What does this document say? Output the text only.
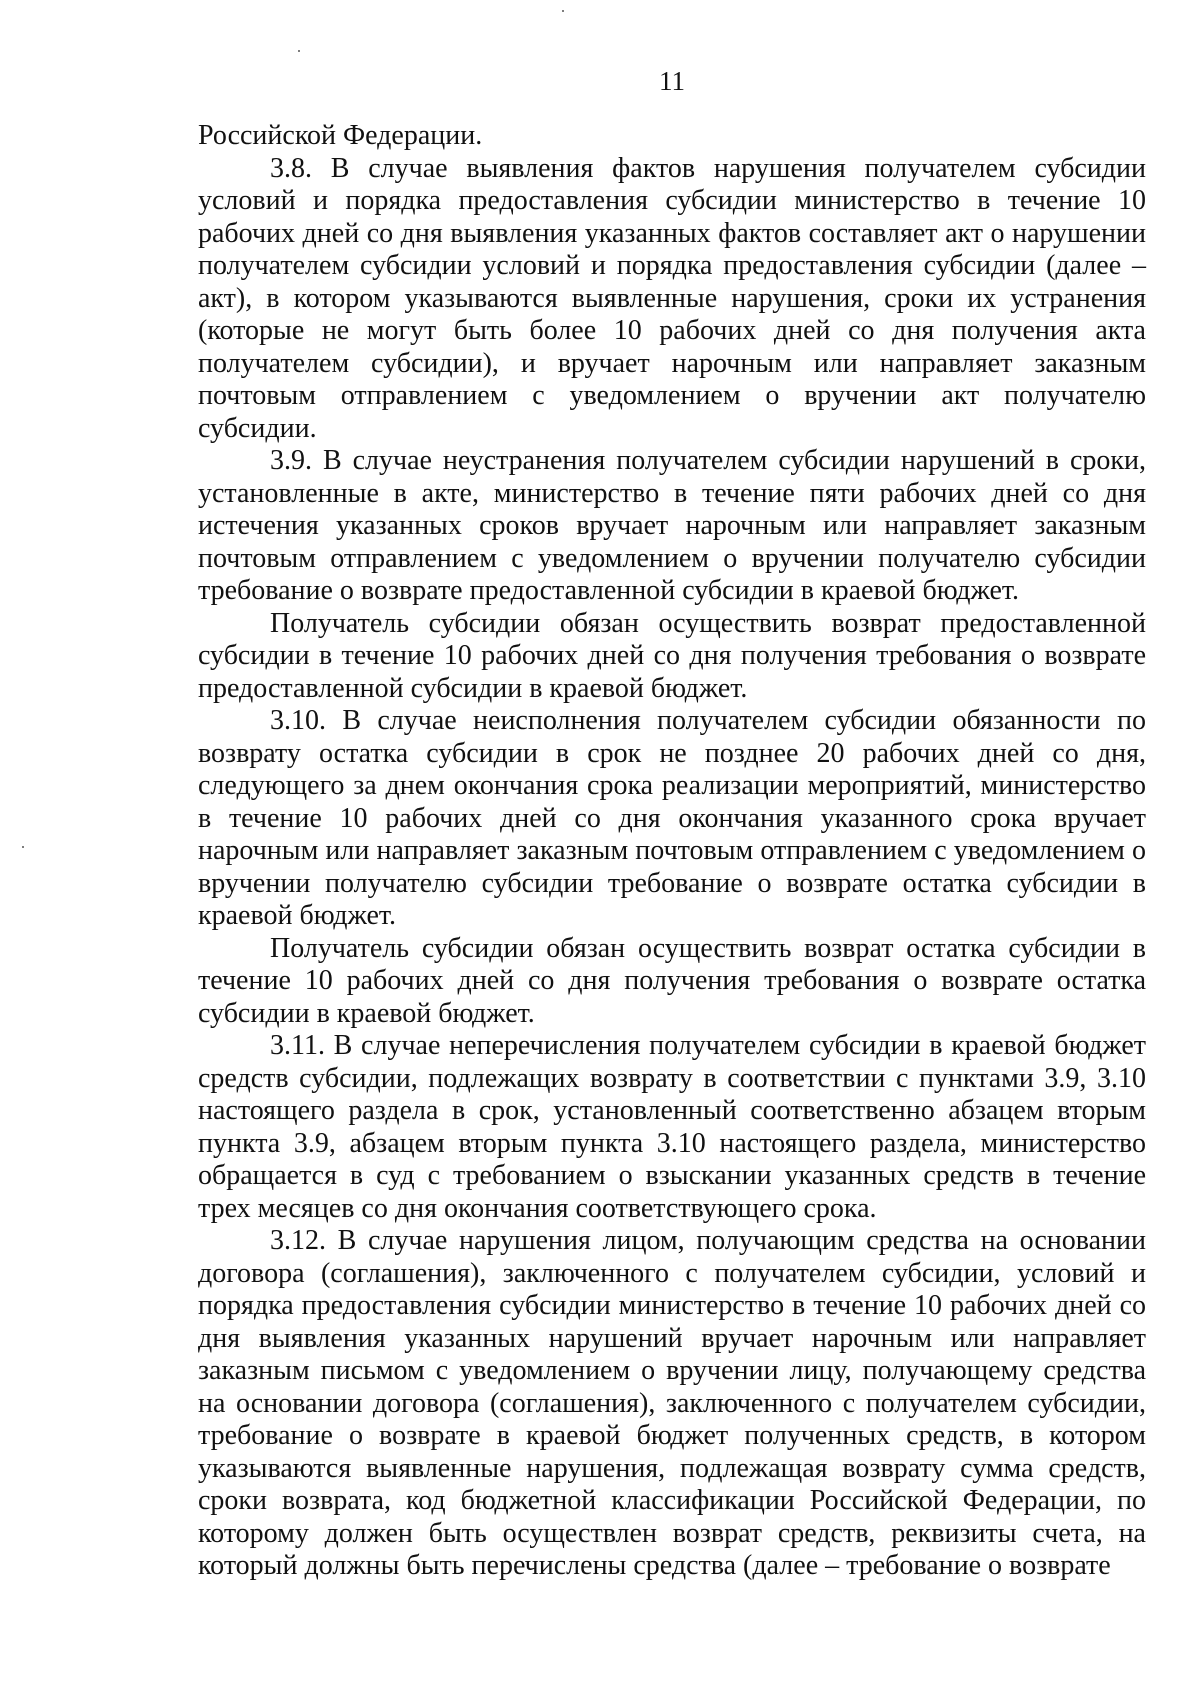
11

Российской Федерации.

3.8. В случае выявления фактов нарушения получателем субсидии условий и порядка предоставления субсидии министерство в течение 10 рабочих дней со дня выявления указанных фактов составляет акт о нарушении получателем субсидии условий и порядка предоставления субсидии (далее – акт), в котором указываются выявленные нарушения, сроки их устранения (которые не могут быть более 10 рабочих дней со дня получения акта получателем субсидии), и вручает нарочным или направляет заказным почтовым отправлением с уведомлением о вручении акт получателю субсидии.

3.9. В случае неустранения получателем субсидии нарушений в сроки, установленные в акте, министерство в течение пяти рабочих дней со дня истечения указанных сроков вручает нарочным или направляет заказным почтовым отправлением с уведомлением о вручении получателю субсидии требование о возврате предоставленной субсидии в краевой бюджет.

Получатель субсидии обязан осуществить возврат предоставленной субсидии в течение 10 рабочих дней со дня получения требования о возврате предоставленной субсидии в краевой бюджет.

3.10. В случае неисполнения получателем субсидии обязанности по возврату остатка субсидии в срок не позднее 20 рабочих дней со дня, следующего за днем окончания срока реализации мероприятий, министерство в течение 10 рабочих дней со дня окончания указанного срока вручает нарочным или направляет заказным почтовым отправлением с уведомлением о вручении получателю субсидии требование о возврате остатка субсидии в краевой бюджет.

Получатель субсидии обязан осуществить возврат остатка субсидии в течение 10 рабочих дней со дня получения требования о возврате остатка субсидии в краевой бюджет.

3.11. В случае неперечисления получателем субсидии в краевой бюджет средств субсидии, подлежащих возврату в соответствии с пунктами 3.9, 3.10 настоящего раздела в срок, установленный соответственно абзацем вторым пункта 3.9, абзацем вторым пункта 3.10 настоящего раздела, министерство обращается в суд с требованием о взыскании указанных средств в течение трех месяцев со дня окончания соответствующего срока.

3.12. В случае нарушения лицом, получающим средства на основании договора (соглашения), заключенного с получателем субсидии, условий и порядка предоставления субсидии министерство в течение 10 рабочих дней со дня выявления указанных нарушений вручает нарочным или направляет заказным письмом с уведомлением о вручении лицу, получающему средства на основании договора (соглашения), заключенного с получателем субсидии, требование о возврате в краевой бюджет полученных средств, в котором указываются выявленные нарушения, подлежащая возврату сумма средств, сроки возврата, код бюджетной классификации Российской Федерации, по которому должен быть осуществлен возврат средств, реквизиты счета, на который должны быть перечислены средства (далее – требование о возврате
